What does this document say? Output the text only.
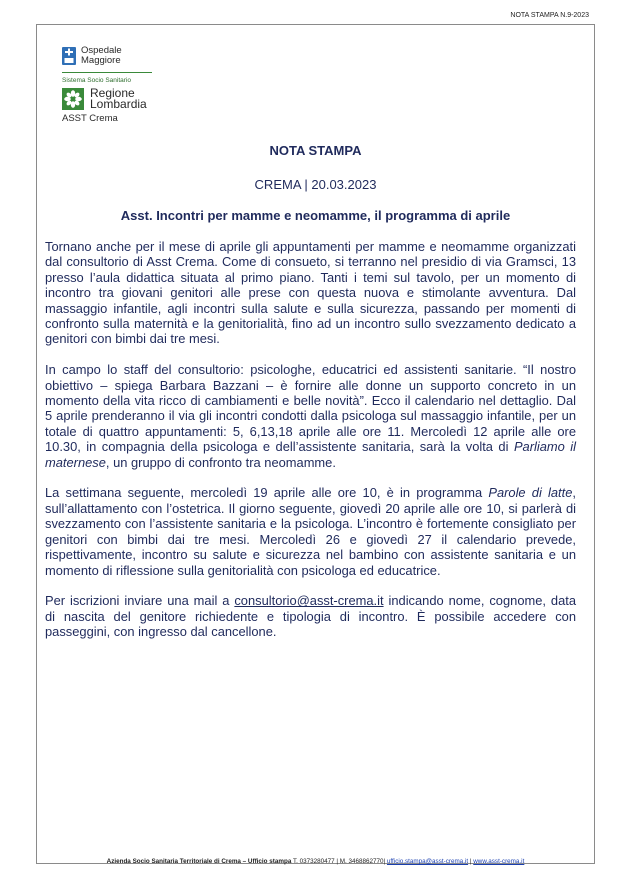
NOTA STAMPA N.9-2023
Ospedale
Maggiore
Sistema Socio Sanitario
Regione
Lombardia
ASST Crema
NOTA STAMPA
CREMA | 20.03.2023
Asst. Incontri per mamme e neomamme, il programma di aprile

Tornano anche per il mese di aprile gli appuntamenti per mamme e neomamme organizzati dal consultorio di Asst Crema. Come di consueto, si terranno nel presidio di via Gramsci, 13 presso l’aula didattica situata al primo piano. Tanti i temi sul tavolo, per un momento di incontro tra giovani genitori alle prese con questa nuova e stimolante avventura. Dal massaggio infantile, agli incontri sulla salute e sulla sicurezza, passando per momenti di confronto sulla maternità e la genitorialità, fino ad un incontro sullo svezzamento dedicato a genitori con bimbi dai tre mesi.

In campo lo staff del consultorio: psicologhe, educatrici ed assistenti sanitarie. “Il nostro obiettivo – spiega Barbara Bazzani – è fornire alle donne un supporto concreto in un momento della vita ricco di cambiamenti e belle novità”. Ecco il calendario nel dettaglio. Dal 5 aprile prenderanno il via gli incontri condotti dalla psicologa sul massaggio infantile, per un totale di quattro appuntamenti: 5, 6,13,18 aprile alle ore 11. Mercoledì 12 aprile alle ore 10.30, in compagnia della psicologa e dell’assistente sanitaria, sarà la volta di Parliamo il maternese, un gruppo di confronto tra neomamme.

La settimana seguente, mercoledì 19 aprile alle ore 10, è in programma Parole di latte, sull’allattamento con l’ostetrica. Il giorno seguente, giovedì 20 aprile alle ore 10, si parlerà di svezzamento con l’assistente sanitaria e la psicologa. L’incontro è fortemente consigliato per genitori con bimbi dai tre mesi. Mercoledì 26 e giovedì 27 il calendario prevede, rispettivamente, incontro su salute e sicurezza nel bambino con assistente sanitaria e un momento di riflessione sulla genitorialità con psicologa ed educatrice.

Per iscrizioni inviare una mail a consultorio@asst-crema.it indicando nome, cognome, data di nascita del genitore richiedente e tipologia di incontro. È possibile accedere con passeggini, con ingresso dal cancellone.

Azienda Socio Sanitaria Territoriale di Crema – Ufficio stampa T. 0373280477 | M. 3468862770| ufficio.stampa@asst-crema.it | www.asst-crema.it
